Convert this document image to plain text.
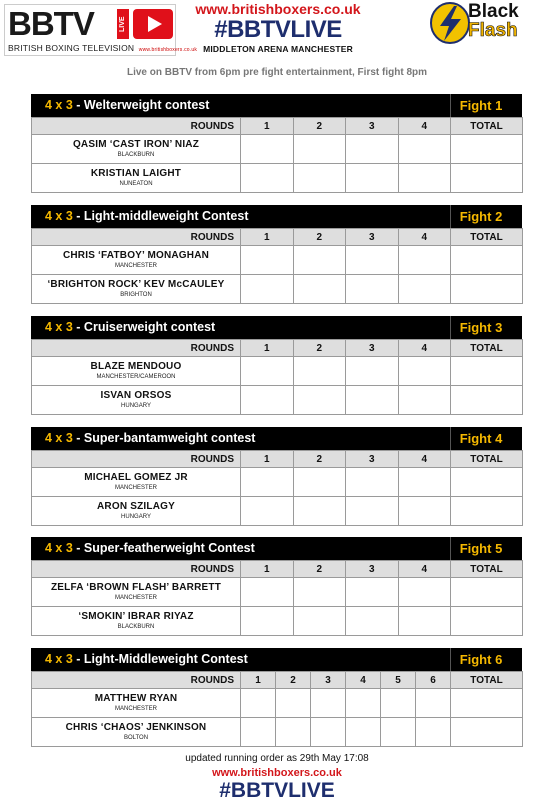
BBTV	LIVE
BRITISH BOXING TELEVISION www.britishboxers.co.uk
www.britishboxers.co.uk
#BBTVLIVE
MIDDLETON ARENA MANCHESTER
Black
Flash
Live on BBTV from 6pm pre fight entertainment, First fight 8pm
4 x 3 - Welterweight contest	Fight 1
ROUNDS	1	2	3	4	TOTAL

QASIM ‘CAST IRON’ NIAZ
BLACKBURN					

KRISTIAN LAIGHT
NUNEATON					

4 x 3 - Light-middleweight Contest	Fight 2
ROUNDS	1	2	3	4	TOTAL

CHRIS ‘FATBOY’ MONAGHAN
MANCHESTER					

‘BRIGHTON ROCK’ KEV McCAULEY
BRIGHTON					

4 x 3 - Cruiserweight contest	Fight 3
ROUNDS	1	2	3	4	TOTAL

BLAZE MENDOUO
MANCHESTER/CAMEROON					

ISVAN ORSOS
HUNGARY					

4 x 3 - Super-bantamweight contest	Fight 4
ROUNDS	1	2	3	4	TOTAL

MICHAEL GOMEZ JR
MANCHESTER					

ARON SZILAGY
HUNGARY					

4 x 3 - Super-featherweight Contest	Fight 5
ROUNDS	1	2	3	4	TOTAL

ZELFA ‘BROWN FLASH’ BARRETT
MANCHESTER					

‘SMOKIN’ IBRAR RIYAZ
BLACKBURN					

4 x 3 - Light-Middleweight Contest	Fight 6
ROUNDS	1	2	3	4	5	6	TOTAL

MATTHEW RYAN
MANCHESTER							

CHRIS ‘CHAOS’ JENKINSON
BOLTON							

updated running order as 29th May 17:08
www.britishboxers.co.uk
#BBTVLIVE
